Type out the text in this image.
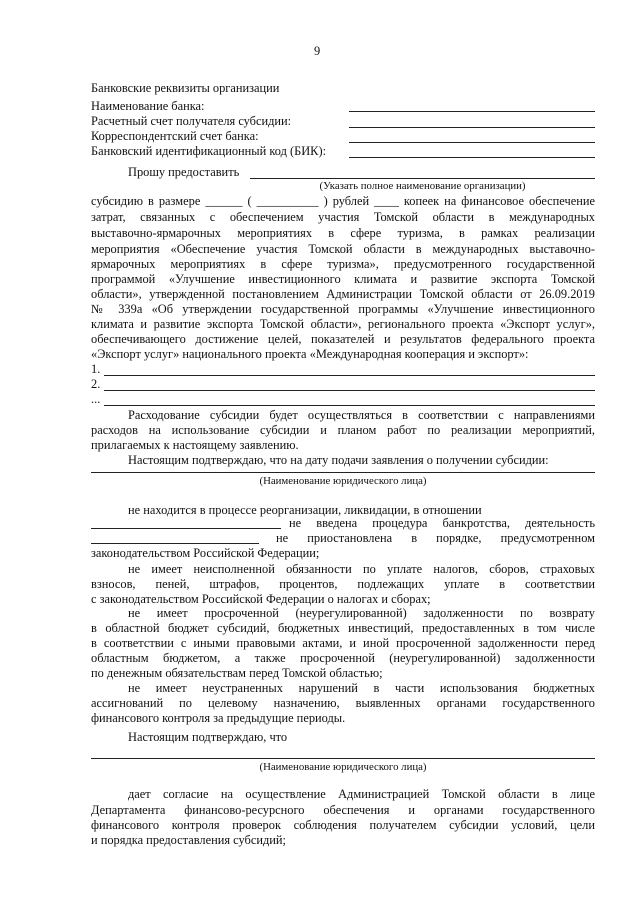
9
Банковские реквизиты организации
Наименование банка:
Расчетный счет получателя субсидии:
Корреспондентский счет банка:
Банковский идентификационный код (БИК):
Прошу предоставить
(Указать полное наименование организации)
субсидию в размере ______ ( __________ ) рублей ____ копеек на финансовое обеспечение
затрат, связанных с обеспечением участия Томской области в международных
выставочно-ярмарочных мероприятиях в сфере туризма, в рамках реализации
мероприятия «Обеспечение участия Томской области в международных выставочно-
ярмарочных мероприятиях в сфере туризма», предусмотренного государственной
программой «Улучшение инвестиционного климата и развитие экспорта Томской
области», утвержденной постановлением Администрации Томской области от 26.09.2019
№ 339а «Об утверждении государственной программы «Улучшение инвестиционного
климата и развитие экспорта Томской области», регионального проекта «Экспорт услуг»,
обеспечивающего достижение целей, показателей и результатов федерального проекта
«Экспорт услуг» национального проекта «Международная кооперация и экспорт»:
1.
2.
...
Расходование субсидии будет осуществляться в соответствии с направлениями
расходов на использование субсидии и планом работ по реализации мероприятий,
прилагаемых к настоящему заявлению.
Настоящим подтверждаю, что на дату подачи заявления о получении субсидии:
(Наименование юридического лица)
не находится в процессе реорганизации, ликвидации, в отношении
не введена процедура банкротства, деятельность
не приостановлена в порядке, предусмотренном
законодательством Российской Федерации;
не имеет неисполненной обязанности по уплате налогов, сборов, страховых
взносов, пеней, штрафов, процентов, подлежащих уплате в соответствии
с законодательством Российской Федерации о налогах и сборах;
не имеет просроченной (неурегулированной) задолженности по возврату
в областной бюджет субсидий, бюджетных инвестиций, предоставленных в том числе
в соответствии с иными правовыми актами, и иной просроченной задолженности перед
областным бюджетом, а также просроченной (неурегулированной) задолженности
по денежным обязательствам перед Томской областью;
не имеет неустраненных нарушений в части использования бюджетных
ассигнований по целевому назначению, выявленных органами государственного
финансового контроля за предыдущие периоды.
Настоящим подтверждаю, что
(Наименование юридического лица)
дает согласие на осуществление Администрацией Томской области в лице
Департамента финансово-ресурсного обеспечения и органами государственного
финансового контроля проверок соблюдения получателем субсидии условий, цели
и порядка предоставления субсидий;
